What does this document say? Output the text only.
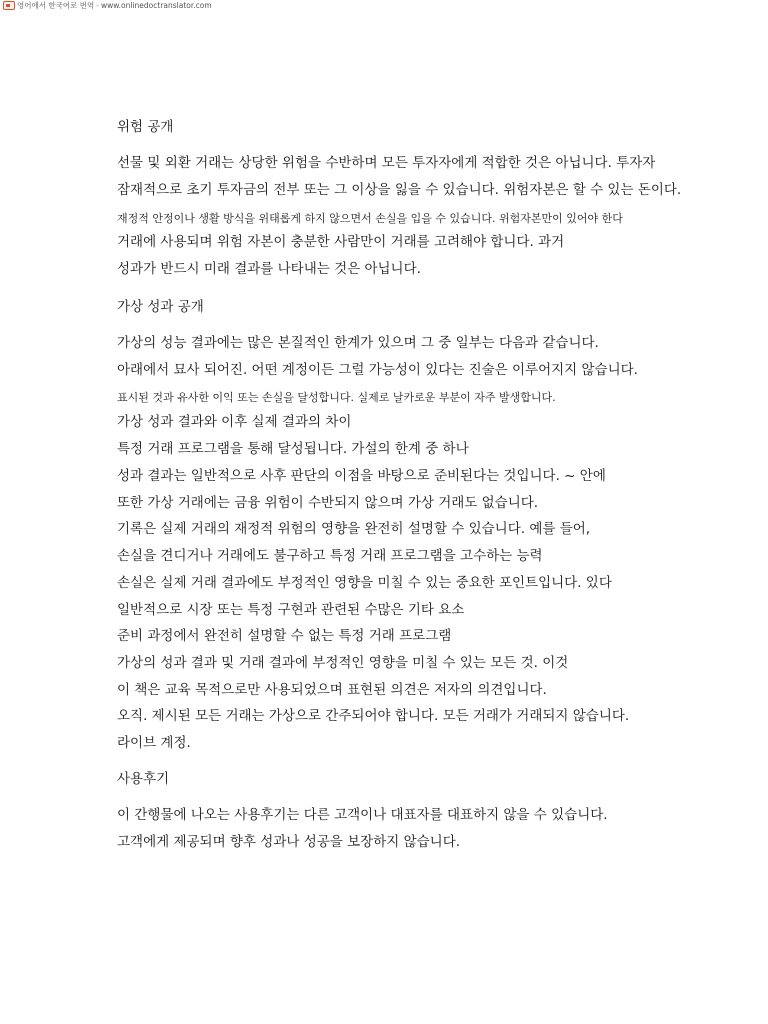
영어에서 한국어로 번역 - www.onlinedoctranslator.com
위험 공개
선물 및 외환 거래는 상당한 위험을 수반하며 모든 투자자에게 적합한 것은 아닙니다. 투자자
잠재적으로 초기 투자금의 전부 또는 그 이상을 잃을 수 있습니다. 위험자본은 할 수 있는 돈이다.
재정적 안정이나 생활 방식을 위태롭게 하지 않으면서 손실을 입을 수 있습니다. 위험자본만이 있어야 한다
거래에 사용되며 위험 자본이 충분한 사람만이 거래를 고려해야 합니다. 과거
성과가 반드시 미래 결과를 나타내는 것은 아닙니다.
가상 성과 공개
가상의 성능 결과에는 많은 본질적인 한계가 있으며 그 중 일부는 다음과 같습니다.
아래에서 묘사 되어진. 어떤 계정이든 그럴 가능성이 있다는 진술은 이루어지지 않습니다.
표시된 것과 유사한 이익 또는 손실을 달성합니다. 실제로 날카로운 부분이 자주 발생합니다.
가상 성과 결과와 이후 실제 결과의 차이
특정 거래 프로그램을 통해 달성됩니다. 가설의 한계 중 하나
성과 결과는 일반적으로 사후 판단의 이점을 바탕으로 준비된다는 것입니다. ~ 안에
또한 가상 거래에는 금융 위험이 수반되지 않으며 가상 거래도 없습니다.
기록은 실제 거래의 재정적 위험의 영향을 완전히 설명할 수 있습니다. 예를 들어,
손실을 견디거나 거래에도 불구하고 특정 거래 프로그램을 고수하는 능력
손실은 실제 거래 결과에도 부정적인 영향을 미칠 수 있는 중요한 포인트입니다. 있다
일반적으로 시장 또는 특정 구현과 관련된 수많은 기타 요소
준비 과정에서 완전히 설명할 수 없는 특정 거래 프로그램
가상의 성과 결과 및 거래 결과에 부정적인 영향을 미칠 수 있는 모든 것. 이것
이 책은 교육 목적으로만 사용되었으며 표현된 의견은 저자의 의견입니다.
오직. 제시된 모든 거래는 가상으로 간주되어야 합니다. 모든 거래가 거래되지 않습니다.
라이브 계정.
사용후기
이 간행물에 나오는 사용후기는 다른 고객이나 대표자를 대표하지 않을 수 있습니다.
고객에게 제공되며 향후 성과나 성공을 보장하지 않습니다.
